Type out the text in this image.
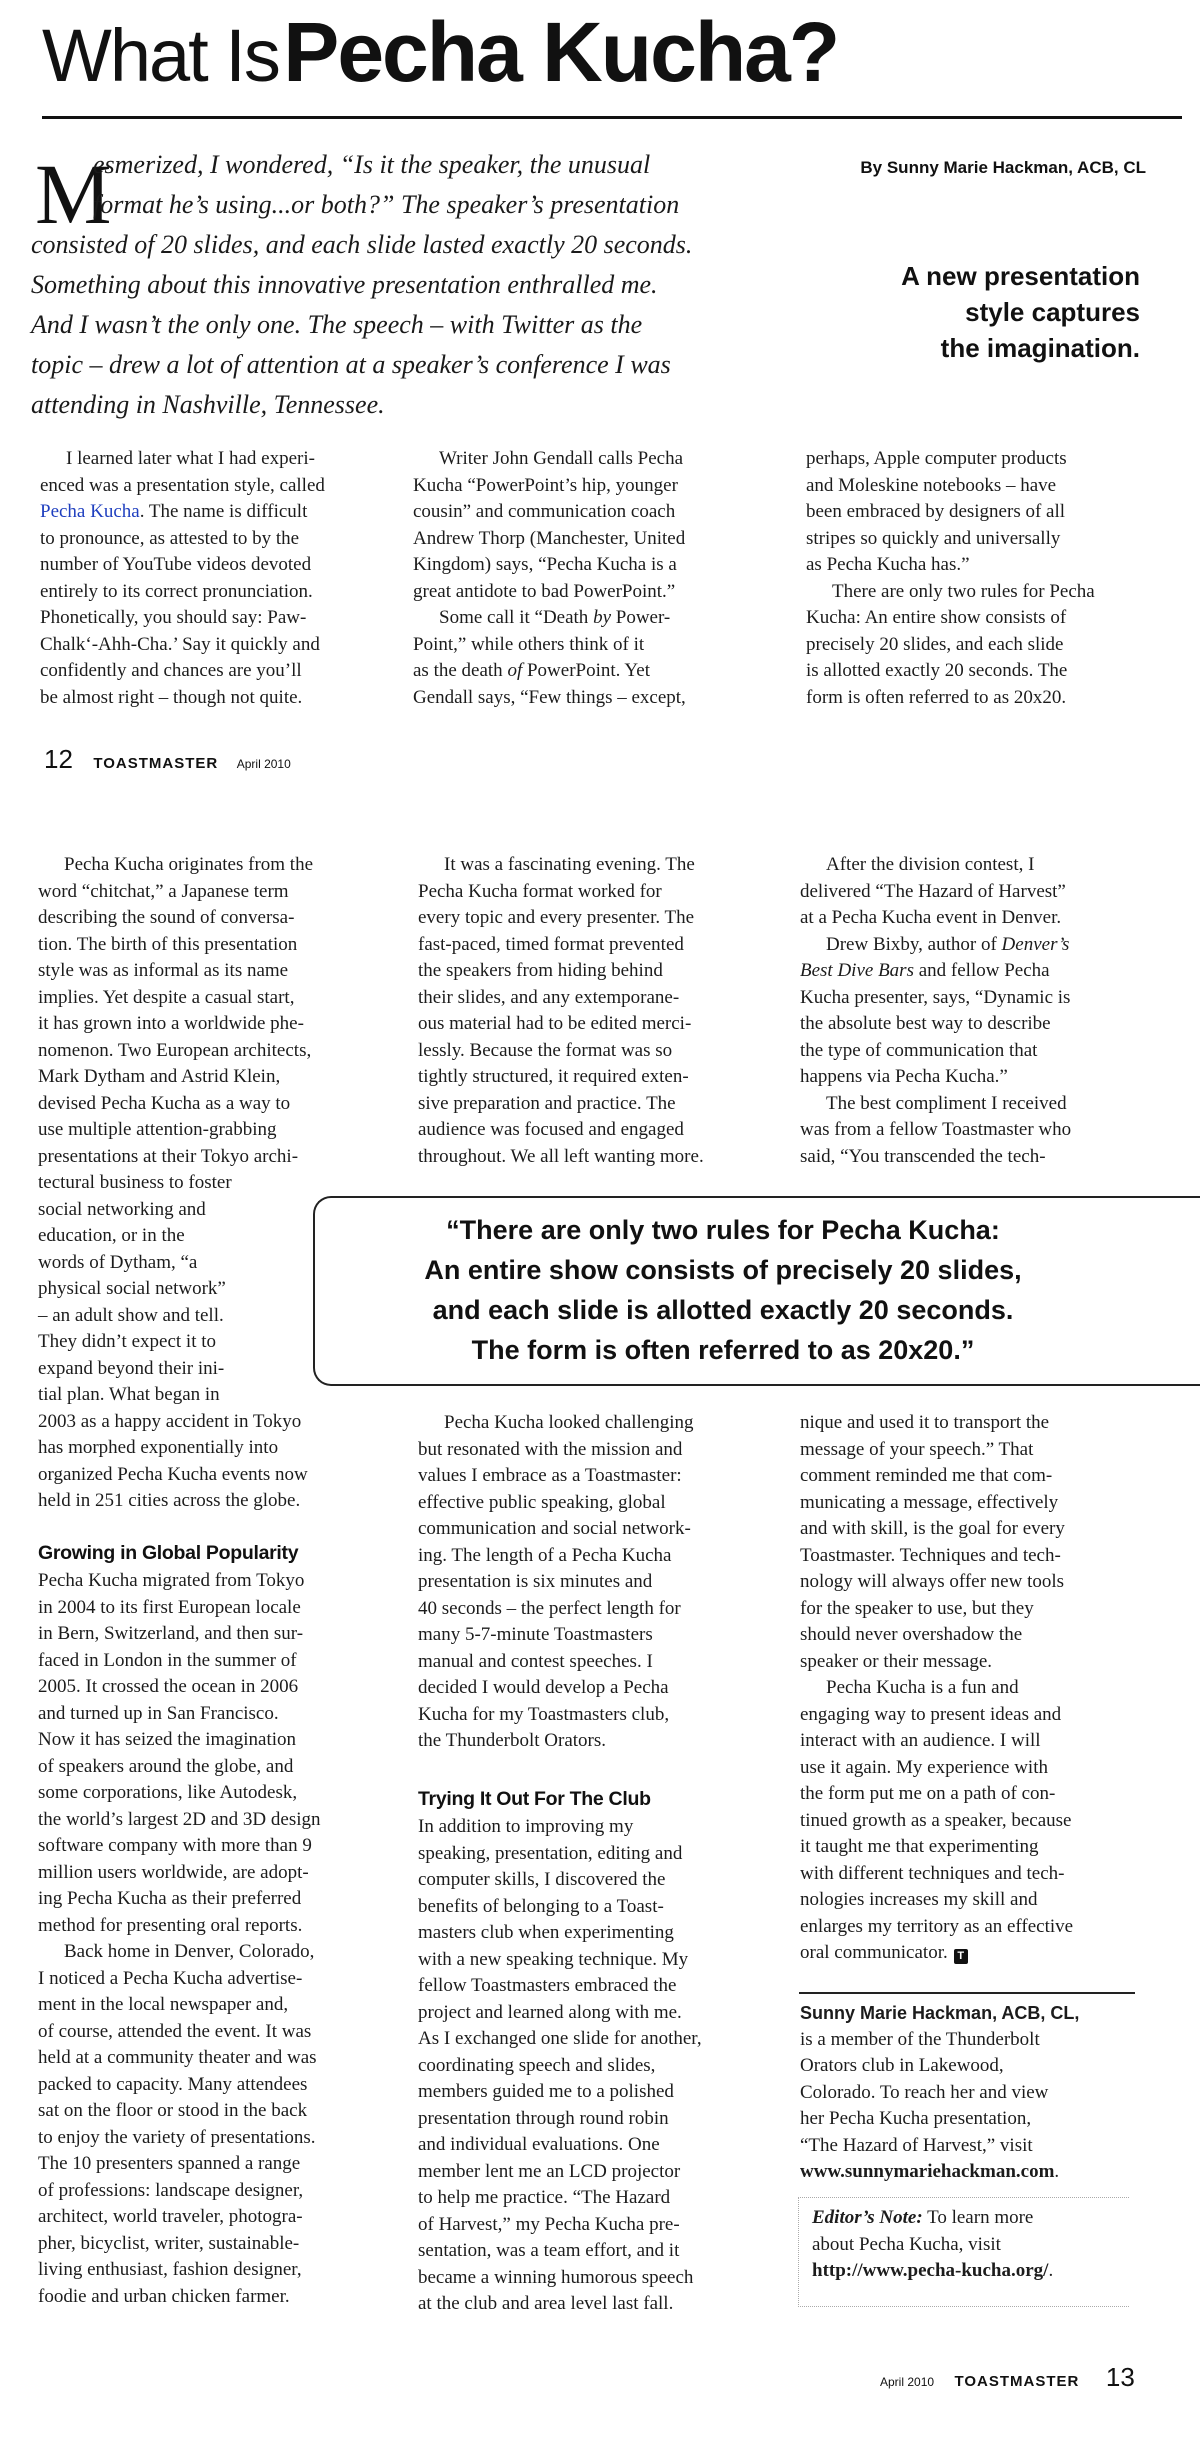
What Is Pecha Kucha?
M
esmerized, I wondered, “Is it the speaker, the unusual
format he’s using...or both?” The speaker’s presentation
consisted of 20 slides, and each slide lasted exactly 20 seconds.
Something about this innovative presentation enthralled me.
And I wasn’t the only one. The speech – with Twitter as the
topic – drew a lot of attention at a speaker’s conference I was
attending in Nashville, Tennessee.
By Sunny Marie Hackman, ACB, CL
A new presentation
style captures
the imagination.
I learned later what I had experi-
enced was a presentation style, called
Pecha Kucha. The name is difficult
to pronounce, as attested to by the
number of YouTube videos devoted
entirely to its correct pronunciation.
Phonetically, you should say: Paw-
Chalk‘-Ahh-Cha.’ Say it quickly and
confidently and chances are you’ll
be almost right – though not quite.
Writer John Gendall calls Pecha
Kucha “PowerPoint’s hip, younger
cousin” and communication coach
Andrew Thorp (Manchester, United
Kingdom) says, “Pecha Kucha is a
great antidote to bad PowerPoint.”
Some call it “Death by Power-
Point,” while others think of it
as the death of PowerPoint. Yet
Gendall says, “Few things – except,
perhaps, Apple computer products
and Moleskine notebooks – have
been embraced by designers of all
stripes so quickly and universally
as Pecha Kucha has.”
There are only two rules for Pecha
Kucha: An entire show consists of
precisely 20 slides, and each slide
is allotted exactly 20 seconds. The
form is often referred to as 20x20.
12 TOASTMASTER April 2010
Pecha Kucha originates from the
word “chitchat,” a Japanese term
describing the sound of conversa-
tion. The birth of this presentation
style was as informal as its name
implies. Yet despite a casual start,
it has grown into a worldwide phe-
nomenon. Two European architects,
Mark Dytham and Astrid Klein,
devised Pecha Kucha as a way to
use multiple attention-grabbing
presentations at their Tokyo archi-
tectural business to foster
social networking and
education, or in the
words of Dytham, “a
physical social network”
– an adult show and tell.
They didn’t expect it to
expand beyond their ini-
tial plan. What began in
2003 as a happy accident in Tokyo
has morphed exponentially into
organized Pecha Kucha events now
held in 251 cities across the globe.
Growing in Global Popularity
Pecha Kucha migrated from Tokyo
in 2004 to its first European locale
in Bern, Switzerland, and then sur-
faced in London in the summer of
2005. It crossed the ocean in 2006
and turned up in San Francisco.
Now it has seized the imagination
of speakers around the globe, and
some corporations, like Autodesk,
the world’s largest 2D and 3D design
software company with more than 9
million users worldwide, are adopt-
ing Pecha Kucha as their preferred
method for presenting oral reports.
Back home in Denver, Colorado,
I noticed a Pecha Kucha advertise-
ment in the local newspaper and,
of course, attended the event. It was
held at a community theater and was
packed to capacity. Many attendees
sat on the floor or stood in the back
to enjoy the variety of presentations.
The 10 presenters spanned a range
of professions: landscape designer,
architect, world traveler, photogra-
pher, bicyclist, writer, sustainable-
living enthusiast, fashion designer,
foodie and urban chicken farmer.
It was a fascinating evening. The
Pecha Kucha format worked for
every topic and every presenter. The
fast-paced, timed format prevented
the speakers from hiding behind
their slides, and any extemporane-
ous material had to be edited merci-
lessly. Because the format was so
tightly structured, it required exten-
sive preparation and practice. The
audience was focused and engaged
throughout. We all left wanting more.
Pecha Kucha looked challenging
but resonated with the mission and
values I embrace as a Toastmaster:
effective public speaking, global
communication and social network-
ing. The length of a Pecha Kucha
presentation is six minutes and
40 seconds – the perfect length for
many 5-7-minute Toastmasters
manual and contest speeches. I
decided I would develop a Pecha
Kucha for my Toastmasters club,
the Thunderbolt Orators.
Trying It Out For The Club
In addition to improving my
speaking, presentation, editing and
computer skills, I discovered the
benefits of belonging to a Toast-
masters club when experimenting
with a new speaking technique. My
fellow Toastmasters embraced the
project and learned along with me.
As I exchanged one slide for another,
coordinating speech and slides,
members guided me to a polished
presentation through round robin
and individual evaluations. One
member lent me an LCD projector
to help me practice. “The Hazard
of Harvest,” my Pecha Kucha pre-
sentation, was a team effort, and it
became a winning humorous speech
at the club and area level last fall.
After the division contest, I
delivered “The Hazard of Harvest”
at a Pecha Kucha event in Denver.
Drew Bixby, author of Denver’s
Best Dive Bars and fellow Pecha
Kucha presenter, says, “Dynamic is
the absolute best way to describe
the type of communication that
happens via Pecha Kucha.”
The best compliment I received
was from a fellow Toastmaster who
said, “You transcended the tech-
nique and used it to transport the
message of your speech.” That
comment reminded me that com-
municating a message, effectively
and with skill, is the goal for every
Toastmaster. Techniques and tech-
nology will always offer new tools
for the speaker to use, but they
should never overshadow the
speaker or their message.
Pecha Kucha is a fun and
engaging way to present ideas and
interact with an audience. I will
use it again. My experience with
the form put me on a path of con-
tinued growth as a speaker, because
it taught me that experimenting
with different techniques and tech-
nologies increases my skill and
enlarges my territory as an effective
oral communicator. T
Sunny Marie Hackman, ACB, CL,
is a member of the Thunderbolt
Orators club in Lakewood,
Colorado. To reach her and view
her Pecha Kucha presentation,
“The Hazard of Harvest,” visit
www.sunnymariehackman.com.
Editor’s Note: To learn more
about Pecha Kucha, visit
http://www.pecha-kucha.org/.
“There are only two rules for Pecha Kucha:
An entire show consists of precisely 20 slides,
and each slide is allotted exactly 20 seconds.
The form is often referred to as 20x20.”
April 2010 TOASTMASTER 13
